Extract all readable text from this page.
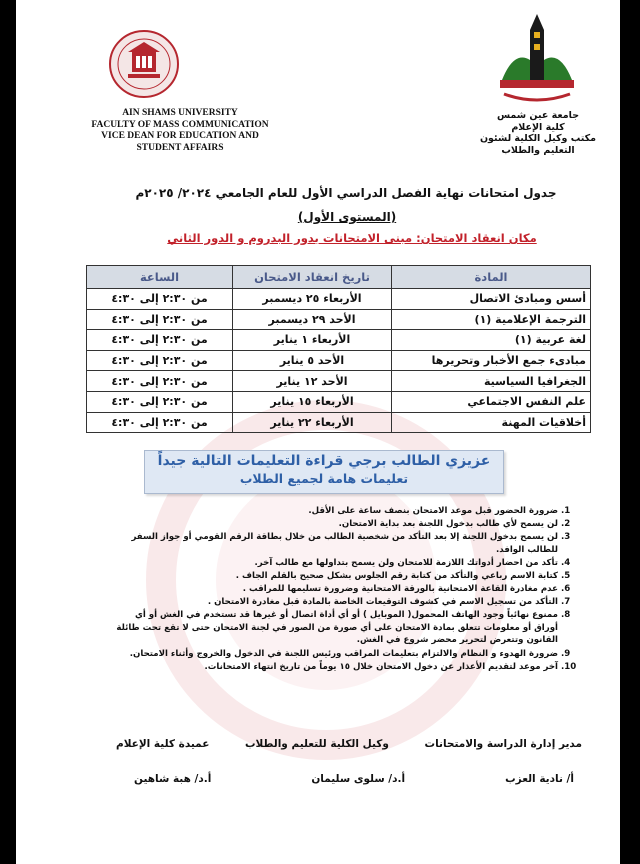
AIN SHAMS UNIVERSITY
FACULTY OF MASS COMMUNICATION
VICE DEAN FOR EDUCATION AND
STUDENT AFFAIRS
جامعة عين شمس
كلية الإعلام
مكتب وكيل الكلية لشئون
التعليم والطلاب
جدول امتحانات نهاية الفصل الدراسي الأول للعام الجامعي ٢٠٢٤/ ٢٠٢٥م
(المستوى الأول)
مكان انعقاد الامتحان: مبنى الامتحانات بدور البدروم و الدور الثاني
المادة	تاريخ انعقاد الامتحان	الساعة
أسس ومبادئ الاتصال	الأربعاء ٢٥ ديسمبر	من ٢:٣٠ إلى ٤:٣٠
الترجمة الإعلامية (١)	الأحد ٢٩ ديسمبر	من ٢:٣٠ إلى ٤:٣٠
لغة عربية (١)	الأربعاء ١ يناير	من ٢:٣٠ إلى ٤:٣٠
مبادىء جمع الأخبار وتحريرها	الأحد ٥ يناير	من ٢:٣٠ إلى ٤:٣٠
الجغرافيا السياسية	الأحد ١٢ يناير	من ٢:٣٠ إلى ٤:٣٠
علم النفس الاجتماعي	الأربعاء ١٥ يناير	من ٢:٣٠ إلى ٤:٣٠
أخلاقيات المهنة	الأربعاء ٢٢ يناير	من ٢:٣٠ إلى ٤:٣٠
عزيزي الطالب برجي قراءة التعليمات التالية جيداً
تعليمات هامة لجميع الطلاب
1. ضرورة الحضور قبل موعد الامتحان بنصف ساعة على الأقل.
2. لن يسمح لأي طالب بدخول اللجنة بعد بداية الامتحان.
3. لن يسمح بدخول اللجنة إلا بعد التأكد من شخصية الطالب من خلال بطاقة الرقم القومي أو جواز السفر للطالب الوافد.
4. تأكد من احضار أدواتك اللازمة للامتحان ولن يسمح بتداولها مع طالب آخر.
5. كتابة الاسم رباعي والتأكد من كتابة رقم الجلوس بشكل صحيح بالقلم الجاف .
6. عدم مغادرة القاعة الامتحانية بالورقة الامتحانية وضرورة تسليمها للمراقب .
7. التأكد من تسجيل الاسم في كشوف التوقيعات الخاصة بالمادة قبل مغادرة الامتحان .
8. ممنوع نهائياً وجود الهاتف المحمول( الموبايل ) أو أي أداة اتصال أو غيرها قد تستخدم في الغش أو أي أوراق أو معلومات تتعلق بمادة الامتحان على أي صورة من الصور في لجنة الامتحان حتى لا تقع تحت طائلة القانون وتتعرض لتحرير محضر شروع في الغش.
9. ضرورة الهدوء و النظام والالتزام بتعليمات المراقب ورئيس اللجنة في الدخول والخروج وأثناء الامتحان.
10. آخر موعد لتقديم الأعذار عن دخول الامتحان خلال ١٥ يوماً من تاريخ انتهاء الامتحانات.
مدير إدارة الدراسة والامتحانات
وكيل الكلية للتعليم والطلاب
عميدة كلية الإعلام
أ/ نادية العزب
أ.د/ سلوى سليمان
أ.د/ هبة شاهين
